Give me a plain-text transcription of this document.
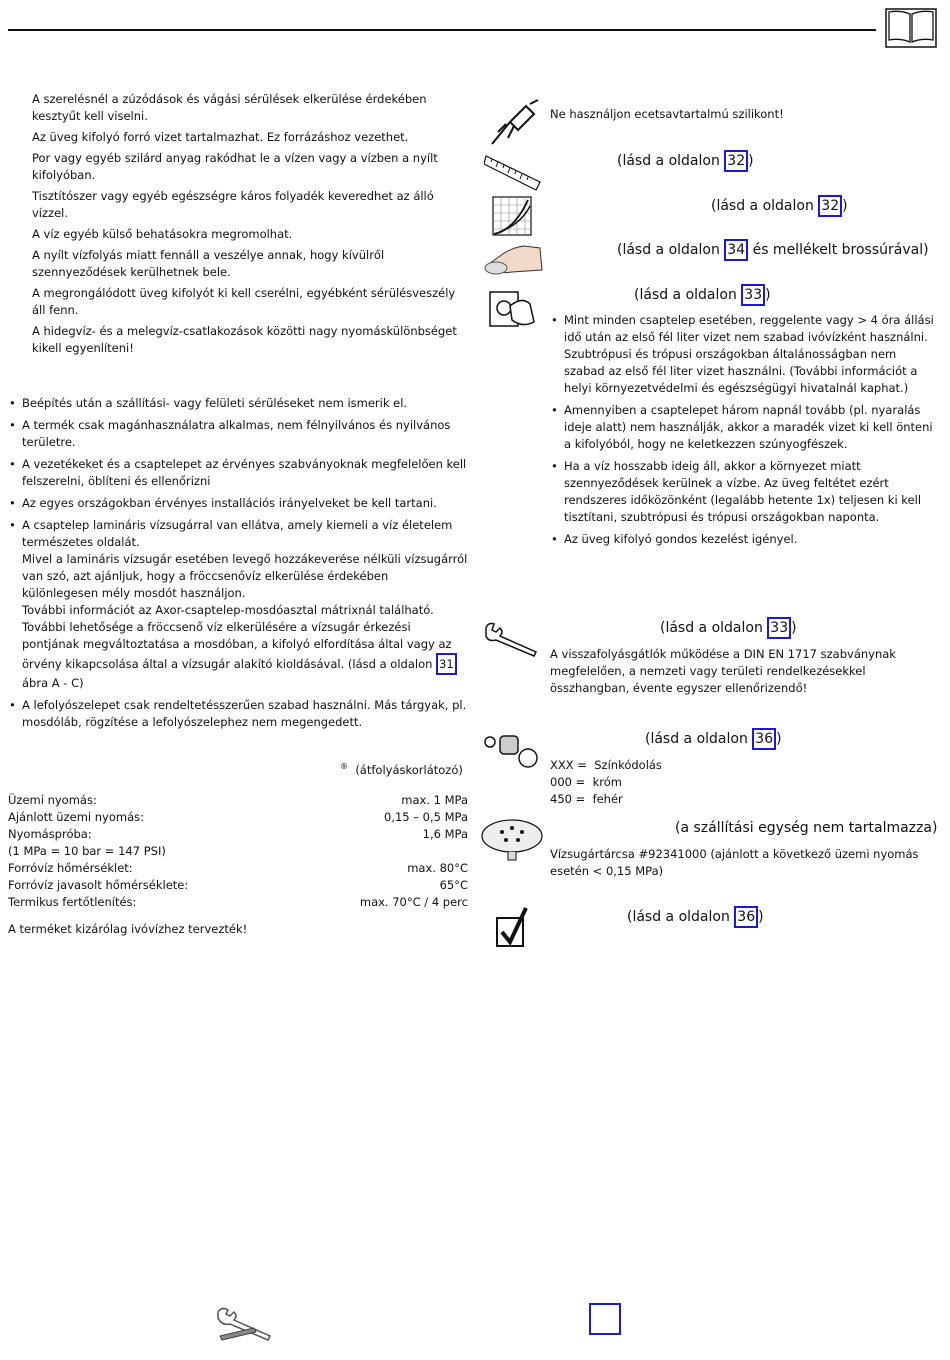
A szerelésnél a zúzódások és vágási sérülések elkerülése érdekében kesztyűt kell viselni.

Az üveg kifolyó forró vizet tartalmazhat. Ez forrázáshoz vezethet.

Por vagy egyéb szilárd anyag rakódhat le a vízen vagy a vízben a nyílt kifolyóban.

Tisztítószer vagy egyéb egészségre káros folyadék keveredhet az álló vízzel.

A víz egyéb külső behatásokra megromolhat.

A nyílt vízfolyás miatt fennáll a veszélye annak, hogy kívülről szennyeződések kerülhetnek bele.

A megrongálódott üveg kifolyót ki kell cserélni, egyébként sérülésveszély áll fenn.

A hidegvíz- és a melegvíz-csatlakozások közötti nagy nyomáskülönbséget kikell egyenlíteni!

• Beépítés után a szállítási- vagy felületi sérüléseket nem ismerik el.
• A termék csak magánhasználatra alkalmas, nem félnyilvános és nyilvános területre.
• A vezetékeket és a csaptelepet az érvényes szabványoknak megfelelően kell felszerelni, öblíteni és ellenőrizni
• Az egyes országokban érvényes installációs irányelveket be kell tartani.
• A csaptelep lamináris vízsugárral van ellátva, amely kiemeli a víz életelem természetes oldalát.
Mivel a lamináris vízsugár esetében levegő hozzákeverése nélküli vízsugárról van szó, azt ajánljuk, hogy a fröccsenővíz elkerülése érdekében különlegesen mély mosdót használjon.
További információt az Axor-csaptelep-mosdóasztal mátrixnál található.
További lehetősége a fröccsenő víz elkerülésére a vízsugár érkezési pontjának megváltoztatása a mosdóban, a kifolyó elfordítása által vagy az örvény kikapcsolása által a vízsugár alakító kioldásával. (lásd a oldalon 31 ábra A - C)
• A lefolyószelepet csak rendeltetésszerűen szabad használni. Más tárgyak, pl. mosdóláb, rögzítése a lefolyószelephez nem megengedett.
® (átfolyáskorlátozó)
Üzemi nyomás:	max. 1 MPa
Ajánlott üzemi nyomás:	0,15 – 0,5 MPa
Nyomáspróba:	1,6 MPa
(1 MPa = 10 bar = 147 PSI)
Forróvíz hőmérséklet:	max. 80°C
Forróvíz javasolt hőmérséklete:	65°C
Termikus fertőtlenítés:	max. 70°C / 4 perc
A terméket kizárólag ivóvízhez tervezték!
Ne használjon ecetsavtartalmú szilikont!
(lásd a oldalon 32 )
(lásd a oldalon 32 )
(lásd a oldalon 34 és mellékelt brossúrával)
(lásd a oldalon 33 )
• Mint minden csaptelep esetében, reggelente vagy > 4 óra állási idő után az első fél liter vizet nem szabad ivóvízként használni. Szubtrópusi és trópusi országokban általánosságban nem szabad az első fél liter vizet használni. (További információt a helyi környezetvédelmi és egészségügyi hivatalnál kaphat.)
• Amennyiben a csaptelepet három napnál tovább (pl. nyaralás ideje alatt) nem használják, akkor a maradék vizet ki kell önteni a kifolyóból, hogy ne keletkezzen szúnyogfészek.
• Ha a víz hosszabb ideig áll, akkor a környezet miatt szennyeződések kerülnek a vízbe. Az üveg feltétet ezért rendszeres időközönként (legalább hetente 1x) teljesen ki kell tisztítani, szubtrópusi és trópusi országokban naponta.
• Az üveg kifolyó gondos kezelést igényel.
(lásd a oldalon 33 )
A visszafolyásgátlók működése a DIN EN 1717 szabványnak megfelelően, a nemzeti vagy területi rendelkezésekkel összhangban, évente egyszer ellenőrizendő!
(lásd a oldalon 36 )
XXX = Színkódolás
000 = króm
450 = fehér
(a szállítási egység nem tartalmazza)
Vízsugártárcsa #92341000 (ajánlott a következő üzemi nyomás esetén < 0,15 MPa)
(lásd a oldalon 36 )
